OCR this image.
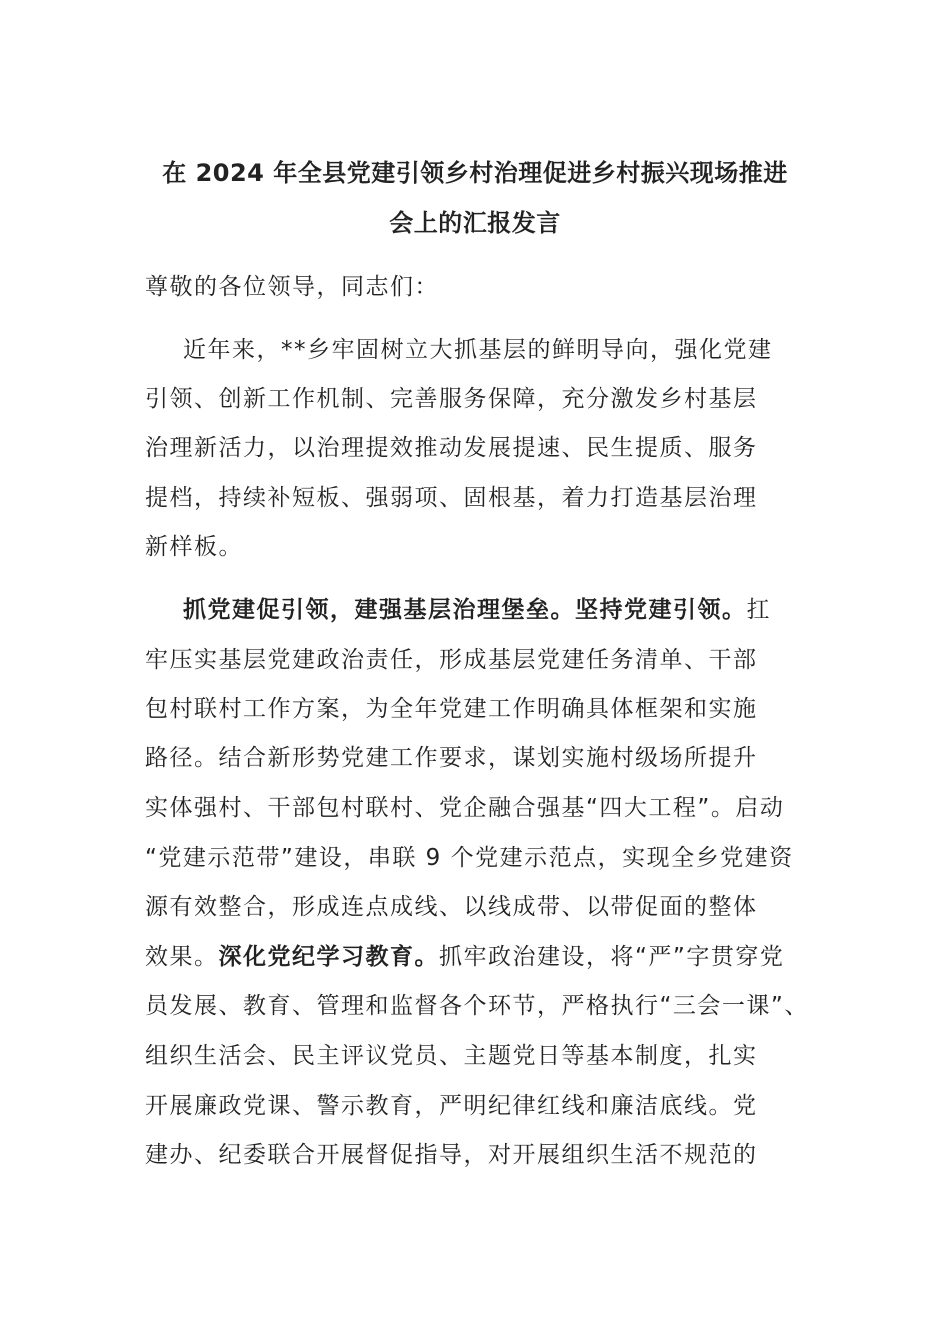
在 2024 年全县党建引领乡村治理促进乡村振兴现场推进
会上的汇报发言
尊敬的各位领导，同志们：
近年来，**乡牢固树立大抓基层的鲜明导向，强化党建
引领、创新工作机制、完善服务保障，充分激发乡村基层
治理新活力，以治理提效推动发展提速、民生提质、服务
提档，持续补短板、强弱项、固根基，着力打造基层治理
新样板。
抓党建促引领，建强基层治理堡垒。坚持党建引领。扛
牢压实基层党建政治责任，形成基层党建任务清单、干部
包村联村工作方案，为全年党建工作明确具体框架和实施
路径。结合新形势党建工作要求，谋划实施村级场所提升
实体强村、干部包村联村、党企融合强基“四大工程”。启动
“党建示范带”建设，串联 9 个党建示范点，实现全乡党建资
源有效整合，形成连点成线、以线成带、以带促面的整体
效果。深化党纪学习教育。抓牢政治建设，将“严”字贯穿党
员发展、教育、管理和监督各个环节，严格执行“三会一课”、
组织生活会、民主评议党员、主题党日等基本制度，扎实
开展廉政党课、警示教育，严明纪律红线和廉洁底线。党
建办、纪委联合开展督促指导，对开展组织生活不规范的
